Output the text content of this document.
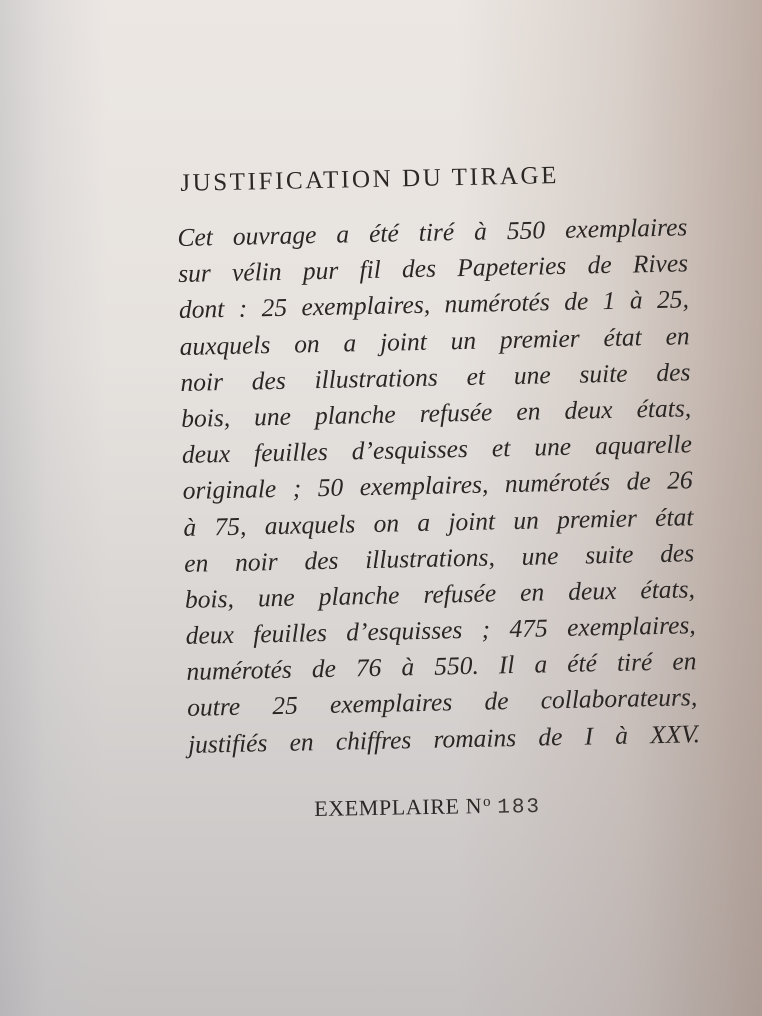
JUSTIFICATION DU TIRAGE
Cet ouvrage a été tiré à 550 exemplaires
sur vélin pur fil des Papeteries de Rives
dont : 25 exemplaires, numérotés de 1 à 25,
auxquels on a joint un premier état en
noir des illustrations et une suite des
bois, une planche refusée en deux états,
deux feuilles d’esquisses et une aquarelle
originale ; 50 exemplaires, numérotés de 26
à 75, auxquels on a joint un premier état
en noir des illustrations, une suite des
bois, une planche refusée en deux états,
deux feuilles d’esquisses ; 475 exemplaires,
numérotés de 76 à 550. Il a été tiré en
outre 25 exemplaires de collaborateurs,
justifiés en chiffres romains de I à XXV.
EXEMPLAIRE $N^o$ 183
